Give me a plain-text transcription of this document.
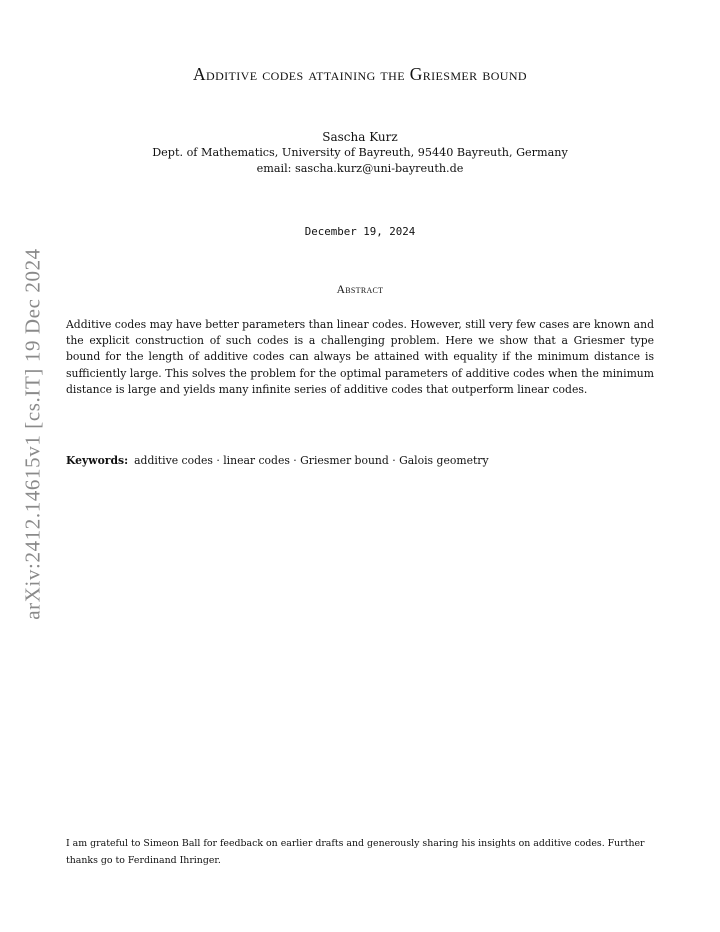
arXiv:2412.14615v1 [cs.IT] 19 Dec 2024
Additive codes attaining the Griesmer bound
Sascha Kurz
Dept. of Mathematics, University of Bayreuth, 95440 Bayreuth, Germany
email: sascha.kurz@uni-bayreuth.de
December 19, 2024
Abstract
Additive codes may have better parameters than linear codes. However, still very few cases are known and the explicit construction of such codes is a challenging problem. Here we show that a Griesmer type bound for the length of additive codes can always be attained with equality if the minimum distance is sufficiently large. This solves the problem for the optimal parameters of additive codes when the minimum distance is large and yields many infinite series of additive codes that outperform linear codes.
Keywords: additive codes · linear codes · Griesmer bound · Galois geometry
I am grateful to Simeon Ball for feedback on earlier drafts and generously sharing his insights on additive codes. Further thanks go to Ferdinand Ihringer.
